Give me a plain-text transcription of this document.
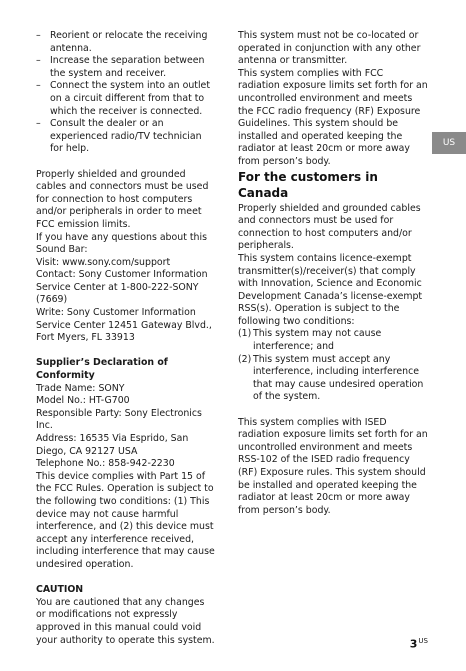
– Reorient or relocate the receiving antenna.
– Increase the separation between the system and receiver.
– Connect the system into an outlet on a circuit different from that to which the receiver is connected.
– Consult the dealer or an experienced radio/TV technician for help.

Properly shielded and grounded cables and connectors must be used for connection to host computers and/or peripherals in order to meet FCC emission limits.

If you have any questions about this

Sound Bar:

Visit: www.sony.com/support

Contact: Sony Customer Information Service Center at 1-800-222-SONY (7669)

Write: Sony Customer Information Service Center 12451 Gateway Blvd., Fort Myers, FL 33913

Supplier’s Declaration of Conformity

Trade Name: SONY

Model No.: HT-G700

Responsible Party: Sony Electronics Inc.

Address: 16535 Via Esprido, San Diego, CA 92127 USA

Telephone No.: 858-942-2230

This device complies with Part 15 of the FCC Rules. Operation is subject to the following two conditions: (1) This device may not cause harmful interference, and (2) this device must accept any interference received, including interference that may cause undesired operation.

CAUTION

You are cautioned that any changes or modifications not expressly approved in this manual could void your authority to operate this system.

This system must not be co-located or operated in conjunction with any other antenna or transmitter.

This system complies with FCC radiation exposure limits set forth for an uncontrolled environment and meets the FCC radio frequency (RF) Exposure Guidelines. This system should be installed and operated keeping the radiator at least 20cm or more away from person’s body.

For the customers in Canada

Properly shielded and grounded cables and connectors must be used for connection to host computers and/or peripherals.

This system contains licence-exempt transmitter(s)/receiver(s) that comply with Innovation, Science and Economic Development Canada’s license-exempt RSS(s). Operation is subject to the following two conditions:

(1) This system may not cause interference; and
(2) This system must accept any interference, including interference that may cause undesired operation of the system.

This system complies with ISED radiation exposure limits set forth for an uncontrolled environment and meets RSS-102 of the ISED radio frequency (RF) Exposure rules. This system should be installed and operated keeping the radiator at least 20cm or more away from person’s body.

US
$3^{US}$
